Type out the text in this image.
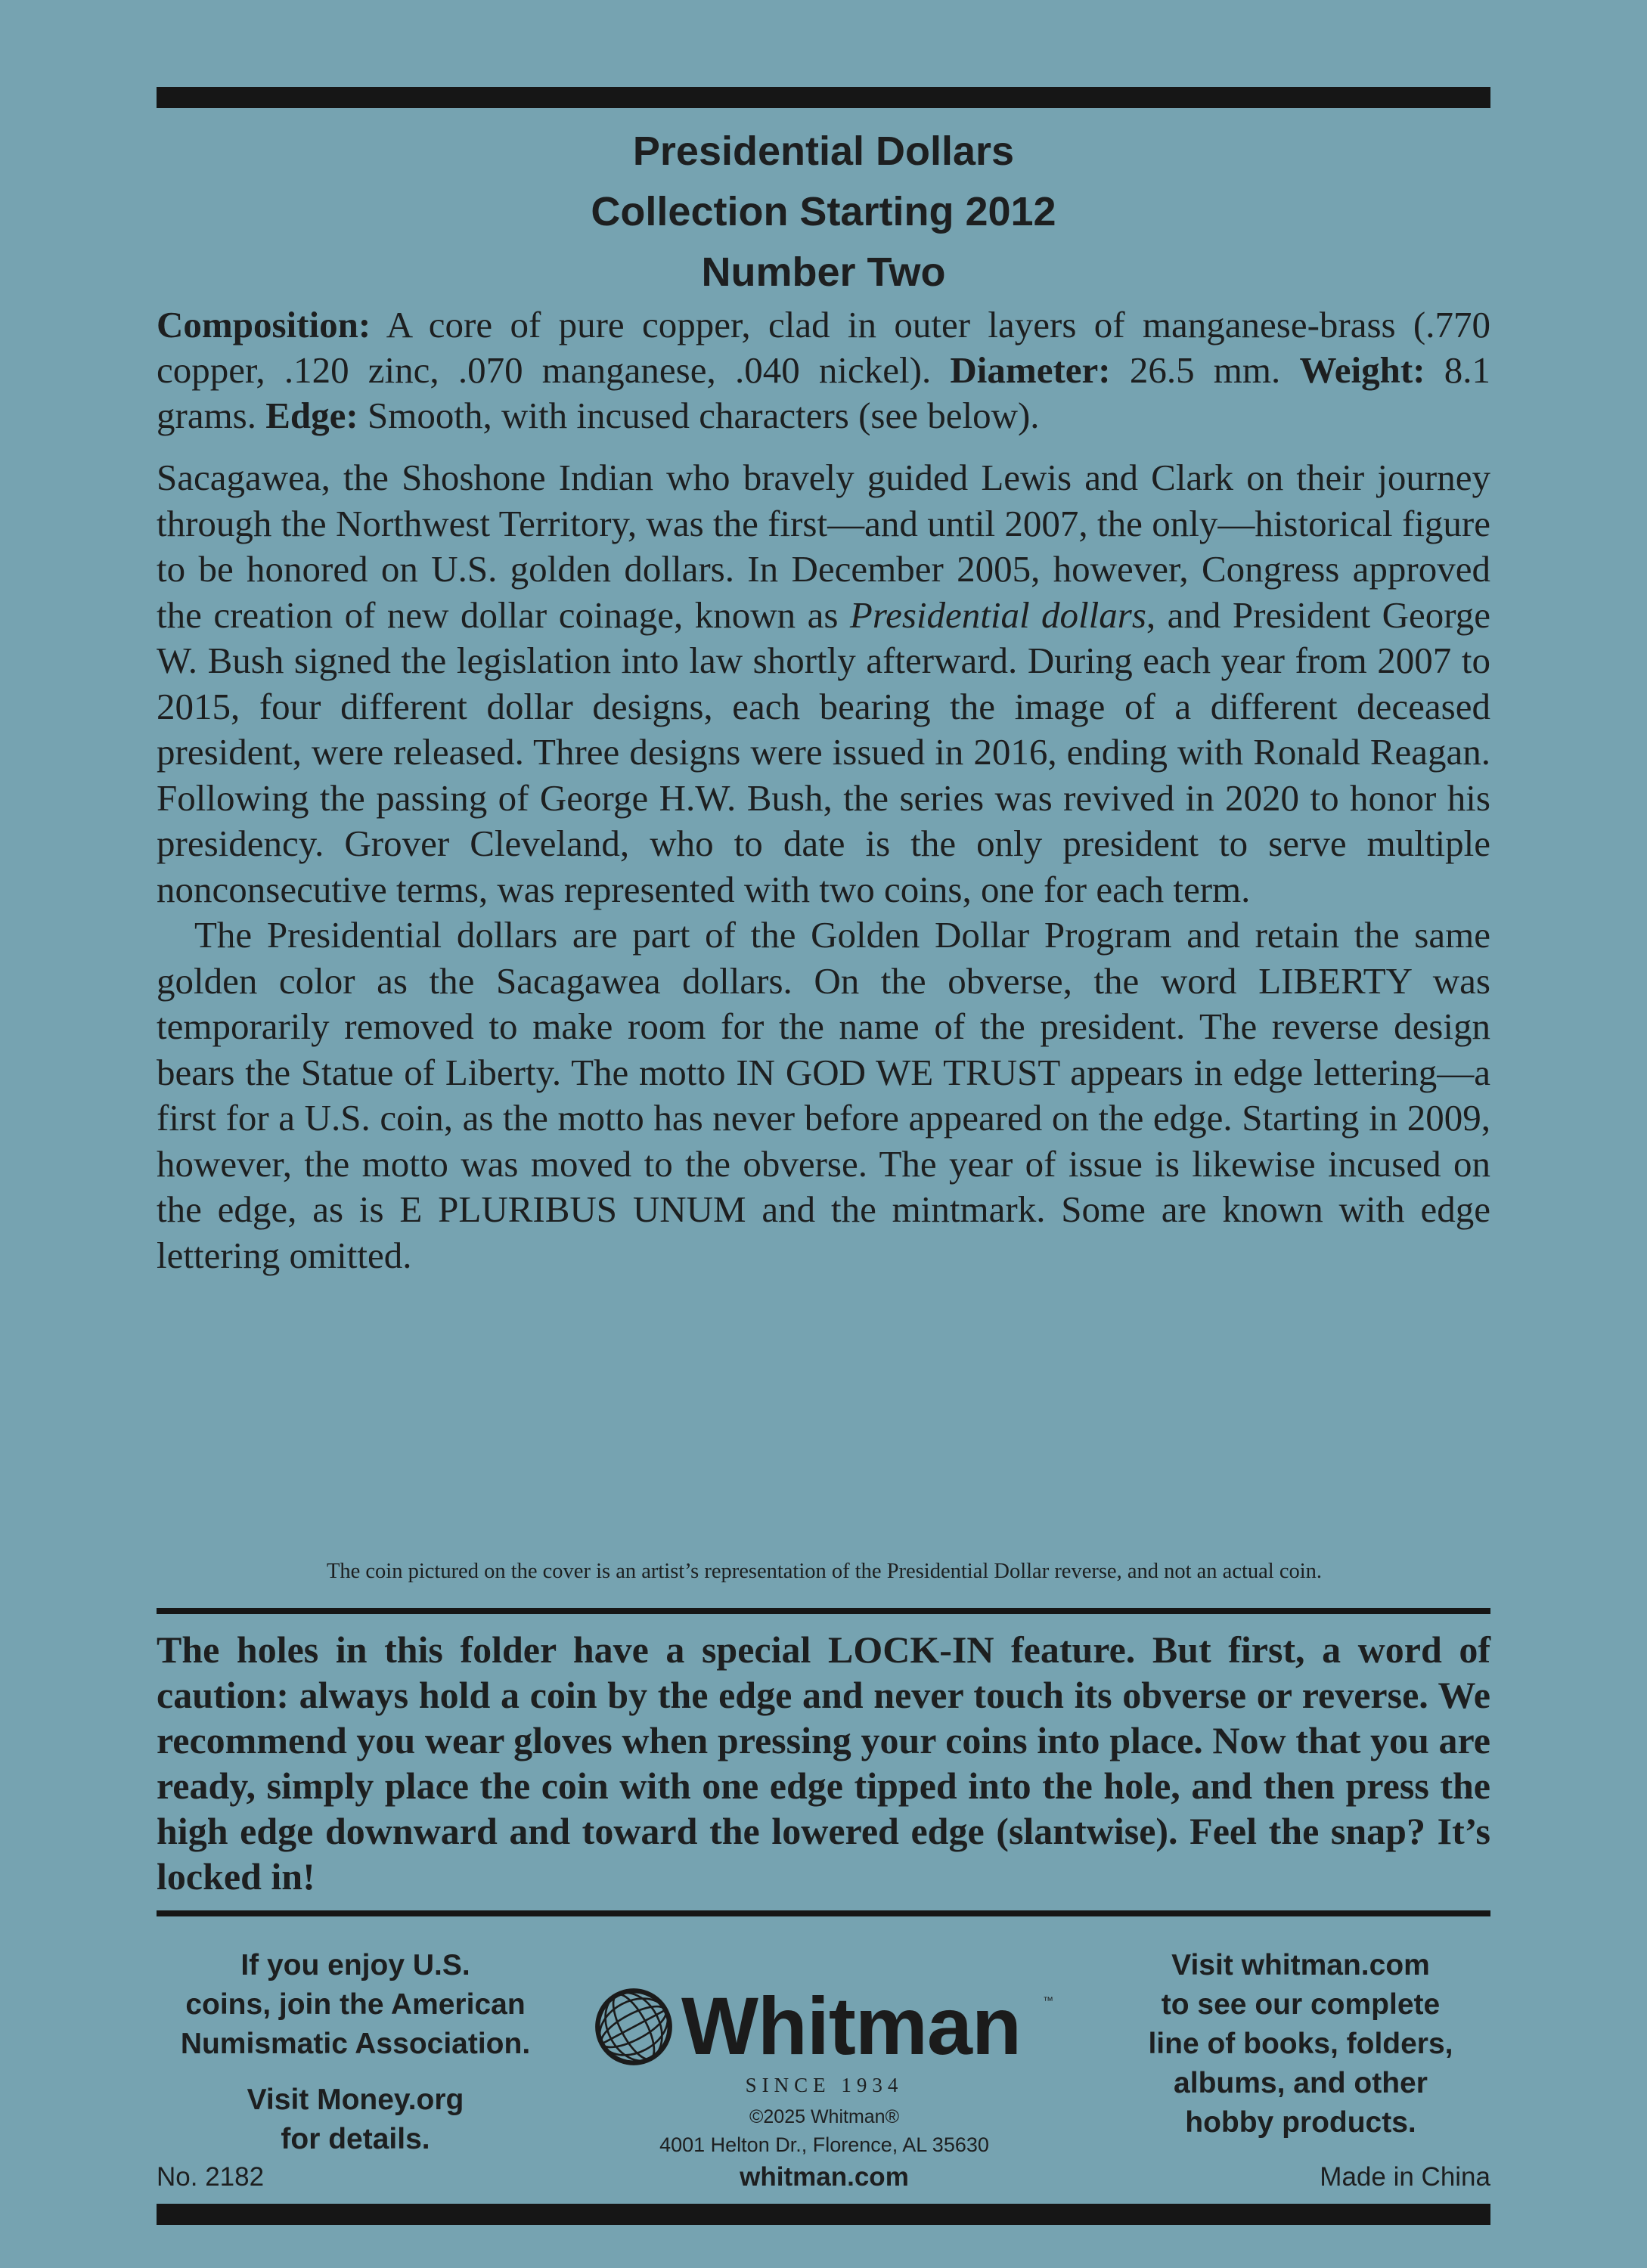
Presidential Dollars
Collection Starting 2012
Number Two
Composition: A core of pure copper, clad in outer layers of manganese-brass (.770 copper, .120 zinc, .070 manganese, .040 nickel). Diameter: 26.5 mm. Weight: 8.1 grams. Edge: Smooth, with incused characters (see below).

Sacagawea, the Shoshone Indian who bravely guided Lewis and Clark on their journey through the Northwest Territory, was the first—and until 2007, the only—historical figure to be honored on U.S. golden dollars. In December 2005, however, Congress approved the creation of new dollar coinage, known as Presidential dollars, and President George W. Bush signed the legislation into law shortly afterward. During each year from 2007 to 2015, four different dollar designs, each bearing the image of a different deceased president, were released. Three designs were issued in 2016, ending with Ronald Reagan. Following the passing of George H.W. Bush, the series was revived in 2020 to honor his presidency. Grover Cleveland, who to date is the only president to serve multiple nonconsecutive terms, was represented with two coins, one for each term.

The Presidential dollars are part of the Golden Dollar Program and retain the same golden color as the Sacagawea dollars. On the obverse, the word LIBERTY was temporarily removed to make room for the name of the president. The reverse design bears the Statue of Liberty. The motto IN GOD WE TRUST appears in edge lettering—a first for a U.S. coin, as the motto has never before appeared on the edge. Starting in 2009, however, the motto was moved to the obverse. The year of issue is likewise incused on the edge, as is E PLURIBUS UNUM and the mintmark. Some are known with edge lettering omitted.

The coin pictured on the cover is an artist’s representation of the Presidential Dollar reverse, and not an actual coin.
The holes in this folder have a special LOCK-IN feature. But first, a word of caution: always hold a coin by the edge and never touch its obverse or reverse. We recommend you wear gloves when pressing your coins into place. Now that you are ready, simply place the coin with one edge tipped into the hole, and then press the high edge downward and toward the lowered edge (slantwise). Feel the snap? It’s locked in!
If you enjoy U.S.
coins, join the American
Numismatic Association.
Visit Money.org
for details.
Whitman ™
SINCE 1934
©2025 Whitman®
4001 Helton Dr., Florence, AL 35630
whitman.com
Visit whitman.com
to see our complete
line of books, folders,
albums, and other
hobby products.
No. 2182	Made in China
